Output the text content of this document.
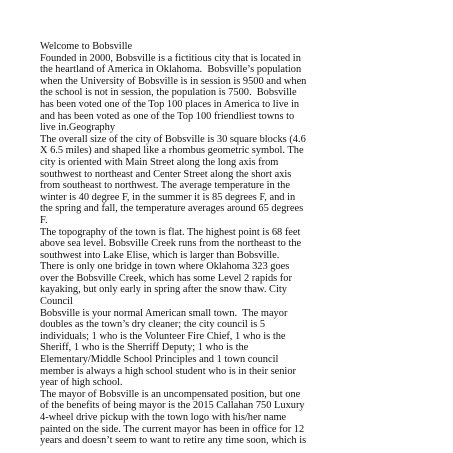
Welcome to Bobsville
Founded in 2000, Bobsville is a fictitious city that is located in
the heartland of America in Oklahoma.  Bobsville’s population
when the University of Bobsville is in session is 9500 and when
the school is not in session, the population is 7500.  Bobsville
has been voted one of the Top 100 places in America to live in
and has been voted as one of the Top 100 friendliest towns to
live in.Geography
The overall size of the city of Bobsville is 30 square blocks (4.6
X 6.5 miles) and shaped like a rhombus geometric symbol. The
city is oriented with Main Street along the long axis from
southwest to northeast and Center Street along the short axis
from southeast to northwest. The average temperature in the
winter is 40 degree F, in the summer it is 85 degrees F, and in
the spring and fall, the temperature averages around 65 degrees
F.
The topography of the town is flat. The highest point is 68 feet
above sea level. Bobsville Creek runs from the northeast to the
southwest into Lake Elise, which is larger than Bobsville.
There is only one bridge in town where Oklahoma 323 goes
over the Bobsville Creek, which has some Level 2 rapids for
kayaking, but only early in spring after the snow thaw. City
Council
Bobsville is your normal American small town.  The mayor
doubles as the town’s dry cleaner; the city council is 5
individuals; 1 who is the Volunteer Fire Chief, 1 who is the
Sheriff, 1 who is the Sherriff Deputy; 1 who is the
Elementary/Middle School Principles and 1 town council
member is always a high school student who is in their senior
year of high school.
The mayor of Bobsville is an uncompensated position, but one
of the benefits of being mayor is the 2015 Callahan 750 Luxury
4-wheel drive pickup with the town logo with his/her name
painted on the side. The current mayor has been in office for 12
years and doesn’t seem to want to retire any time soon, which is
